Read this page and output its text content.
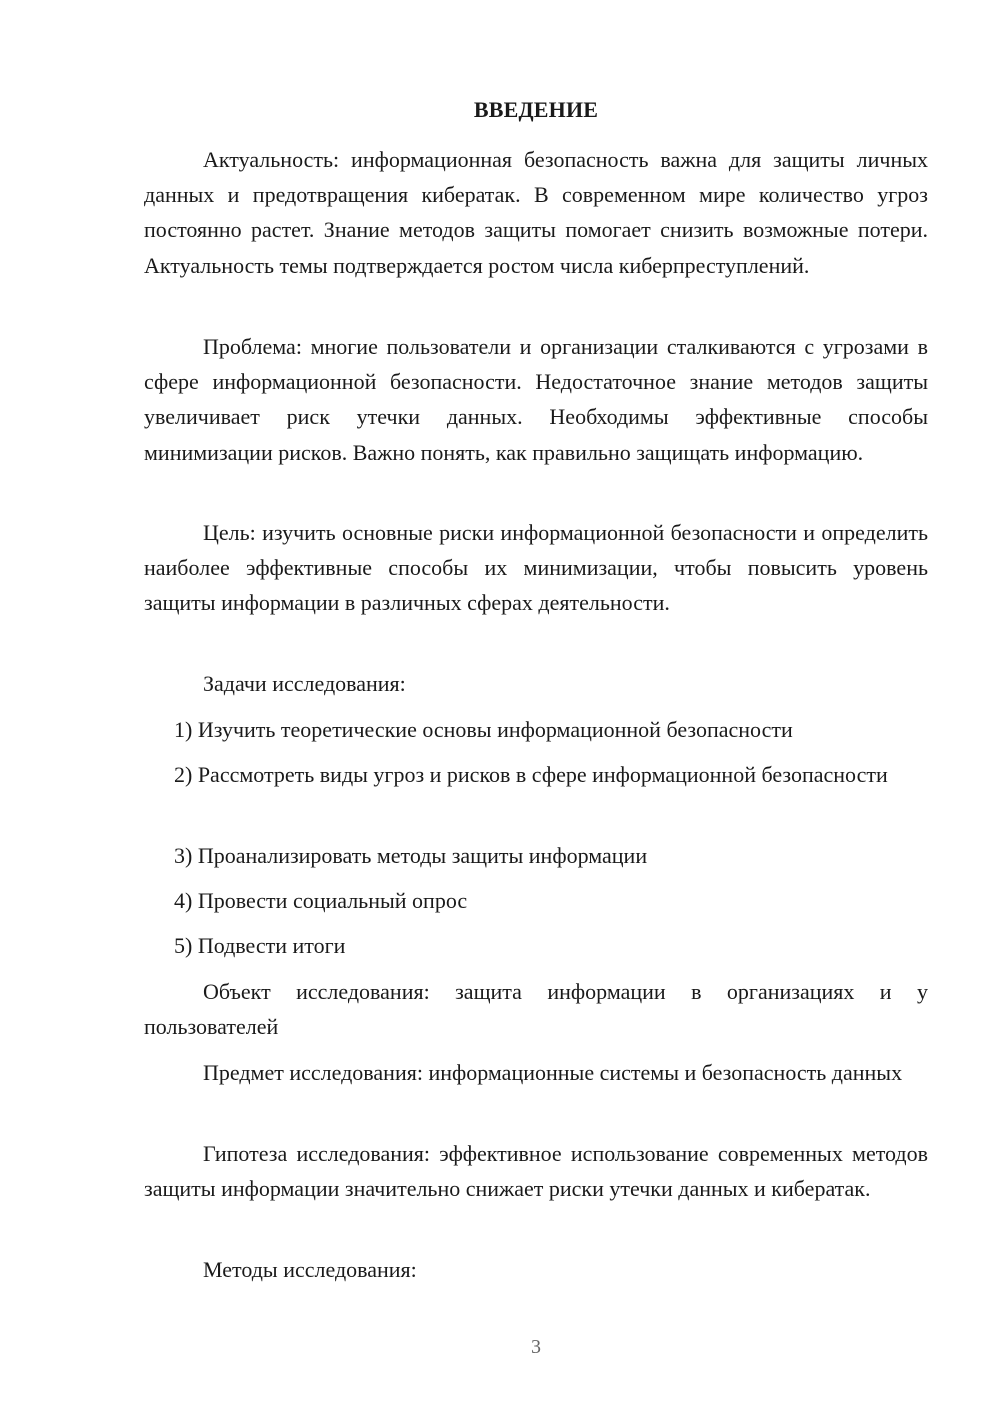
ВВЕДЕНИЕ

Актуальность: информационная безопасность важна для защиты личных данных и предотвращения кибератак. В современном мире количество угроз постоянно растет. Знание методов защиты помогает снизить возможные потери. Актуальность темы подтверждается ростом числа киберпреступлений.

Проблема: многие пользователи и организации сталкиваются с угрозами в сфере информационной безопасности. Недостаточное знание методов защиты увеличивает риск утечки данных. Необходимы эффективные способы минимизации рисков. Важно понять, как правильно защищать информацию.

Цель: изучить основные риски информационной безопасности и определить наиболее эффективные способы их минимизации, чтобы повысить уровень защиты информации в различных сферах деятельности.

Задачи исследования:

1) Изучить теоретические основы информационной безопасности

2) Рассмотреть виды угроз и рисков в сфере информационной безопасности

3) Проанализировать методы защиты информации

4) Провести социальный опрос

5) Подвести итоги

Объект исследования: защита информации в организациях и у пользователей

Предмет исследования: информационные системы и безопасность данных

Гипотеза исследования: эффективное использование современных методов защиты информации значительно снижает риски утечки данных и кибератак.

Методы исследования:

3
